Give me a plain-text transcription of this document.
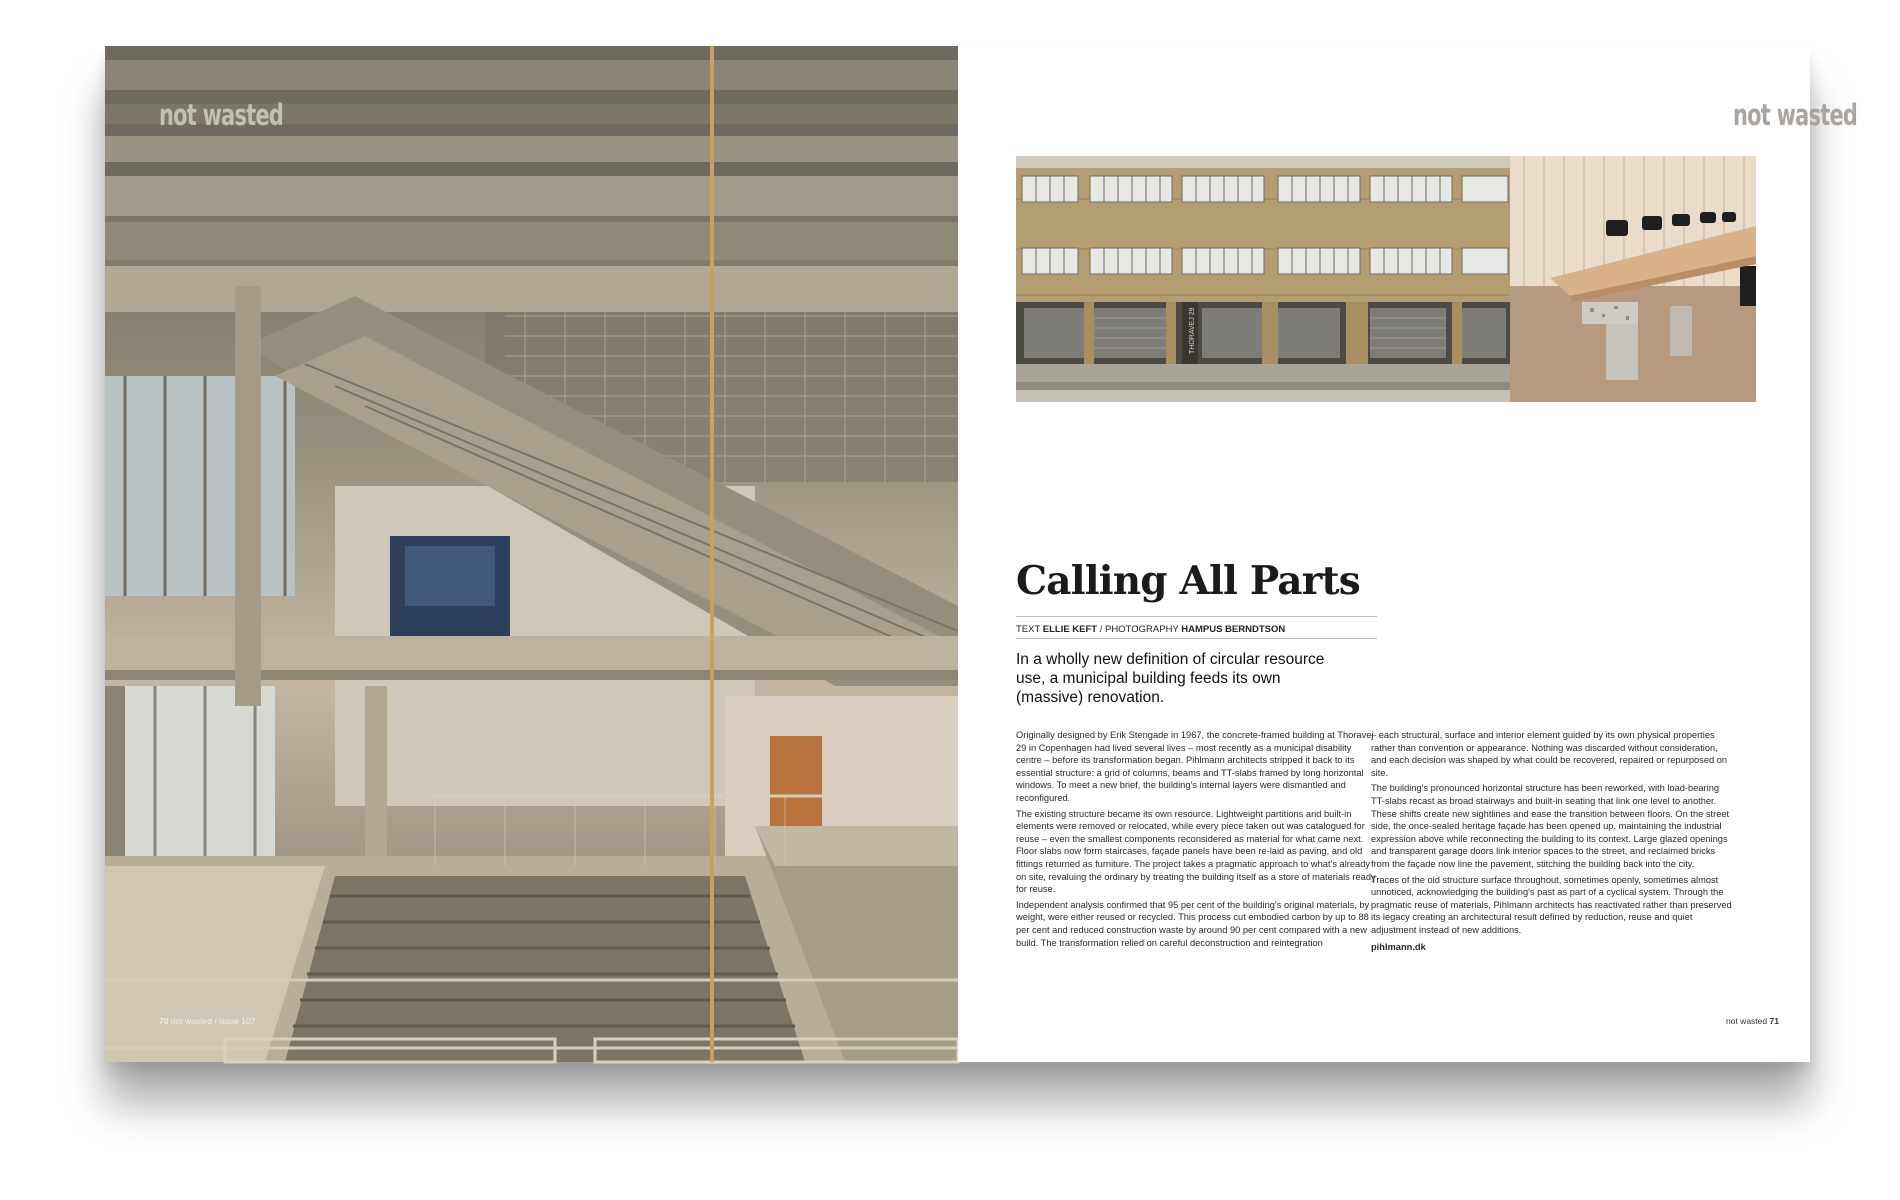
not wasted
70 not wasted / issue 107
not wasted
THORAVEJ 29
Calling All Parts
TEXT ELLIE KEFT / PHOTOGRAPHY HAMPUS BERNDTSON

In a wholly new definition of circular resource use, a municipal building feeds its own (massive) renovation.

Originally designed by Erik Stengade in 1967, the concrete-framed building at Thoravej 29 in Copenhagen had lived several lives – most recently as a municipal disability centre – before its transformation began. Pihlmann architects stripped it back to its essential structure: a grid of columns, beams and TT-slabs framed by long horizontal windows. To meet a new brief, the building's internal layers were dismantled and reconfigured.

The existing structure became its own resource. Lightweight partitions and built-in elements were removed or relocated, while every piece taken out was catalogued for reuse – even the smallest components reconsidered as material for what came next. Floor slabs now form staircases, façade panels have been re-laid as paving, and old fittings returned as furniture. The project takes a pragmatic approach to what's already on site, revaluing the ordinary by treating the building itself as a store of materials ready for reuse.

Independent analysis confirmed that 95 per cent of the building's original materials, by weight, were either reused or recycled. This process cut embodied carbon by up to 88 per cent and reduced construction waste by around 90 per cent compared with a new build. The transformation relied on careful deconstruction and reintegration

– each structural, surface and interior element guided by its own physical properties rather than convention or appearance. Nothing was discarded without consideration, and each decision was shaped by what could be recovered, repaired or repurposed on site.

The building's pronounced horizontal structure has been reworked, with load-bearing TT-slabs recast as broad stairways and built-in seating that link one level to another. These shifts create new sightlines and ease the transition between floors. On the street side, the once-sealed heritage façade has been opened up, maintaining the industrial expression above while reconnecting the building to its context. Large glazed openings and transparent garage doors link interior spaces to the street, and reclaimed bricks from the façade now line the pavement, stitching the building back into the city.

Traces of the old structure surface throughout, sometimes openly, sometimes almost unnoticed, acknowledging the building's past as part of a cyclical system. Through the pragmatic reuse of materials, Pihlmann architects has reactivated rather than preserved its legacy creating an architectural result defined by reduction, reuse and quiet adjustment instead of new additions.

pihlmann.dk
not wasted 71
